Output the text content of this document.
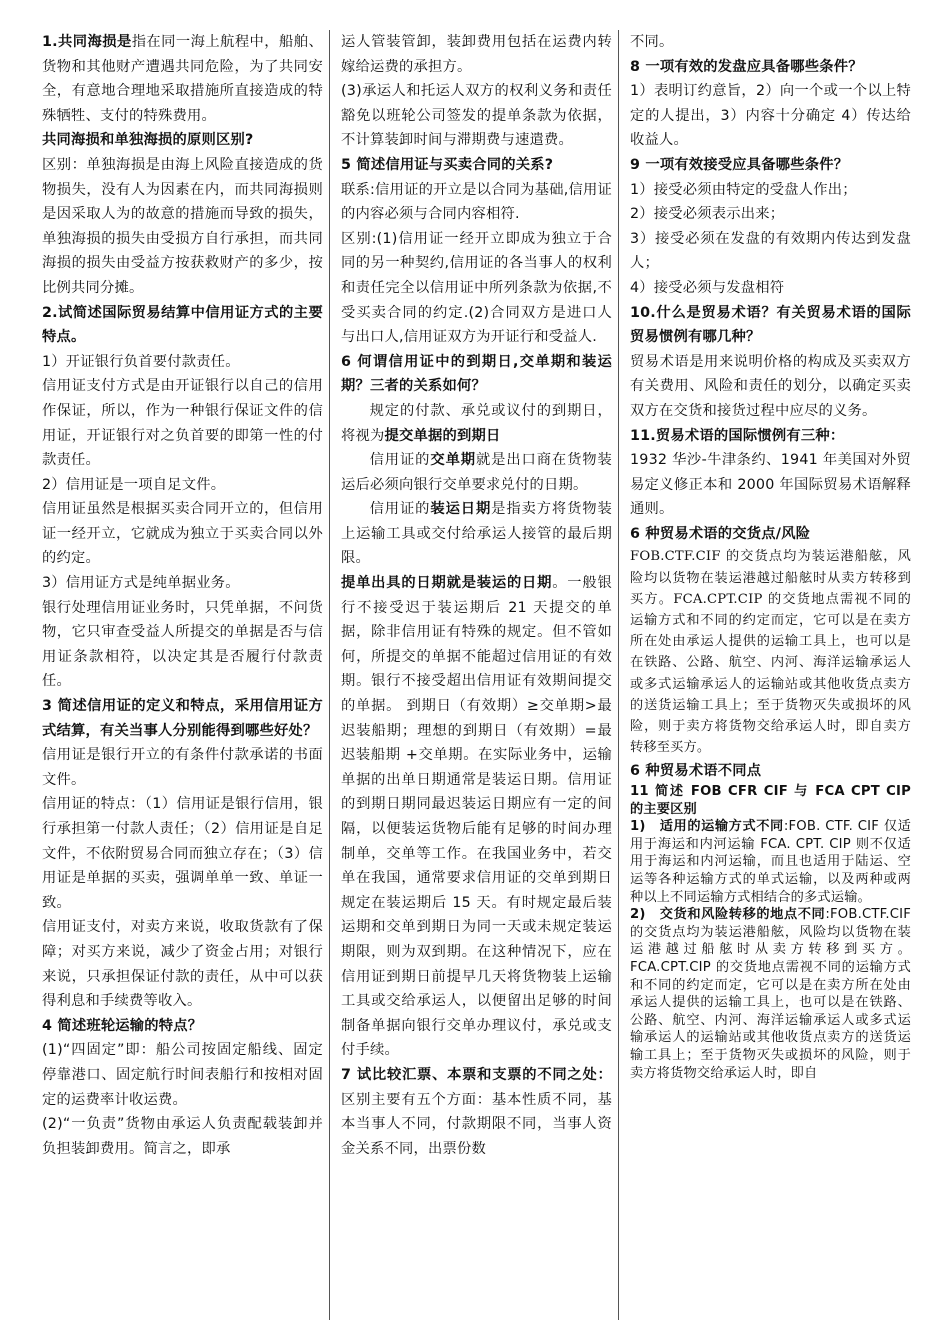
1.共同海损是指在同一海上航程中，船舶、货物和其他财产遭遇共同危险，为了共同安全，有意地合理地采取措施所直接造成的特殊牺牲、支付的特殊费用。

共同海损和单独海损的原则区别?

区别：单独海损是由海上风险直接造成的货物损失，没有人为因素在内，而共同海损则是因采取人为的故意的措施而导致的损失，单独海损的损失由受损方自行承担，而共同海损的损失由受益方按获救财产的多少，按比例共同分摊。

2.试简述国际贸易结算中信用证方式的主要特点。

1）开证银行负首要付款责任。

信用证支付方式是由开证银行以自己的信用作保证，所以，作为一种银行保证文件的信用证，开证银行对之负首要的即第一性的付款责任。

2）信用证是一项自足文件。

信用证虽然是根据买卖合同开立的，但信用证一经开立，它就成为独立于买卖合同以外的约定。

3）信用证方式是纯单据业务。

银行处理信用证业务时，只凭单据，不问货物，它只审查受益人所提交的单据是否与信用证条款相符，以决定其是否履行付款责任。

3 简述信用证的定义和特点，采用信用证方式结算，有关当事人分别能得到哪些好处？

信用证是银行开立的有条件付款承诺的书面文件。

信用证的特点：（1）信用证是银行信用，银行承担第一付款人责任；（2）信用证是自足文件，不依附贸易合同而独立存在；（3）信用证是单据的买卖，强调单单一致、单证一致。

信用证支付，对卖方来说，收取货款有了保障；对买方来说，减少了资金占用；对银行来说，只承担保证付款的责任，从中可以获得利息和手续费等收入。

4 简述班轮运输的特点？

(1)“四固定”即：船公司按固定船线、固定停靠港口、固定航行时间表船行和按相对固定的运费率计收运费。

(2)“一负责”货物由承运人负责配载装卸并负担装卸费用。简言之，即承

运人管装管卸，装卸费用包括在运费内转嫁给运费的承担方。

(3)承运人和托运人双方的权利义务和责任豁免以班轮公司签发的提单条款为依据，不计算装卸时间与滞期费与速遣费。

5 简述信用证与买卖合同的关系?

联系:信用证的开立是以合同为基础,信用证的内容必须与合同内容相符.

区别:(1)信用证一经开立即成为独立于合同的另一种契约,信用证的各当事人的权利和责任完全以信用证中所列条款为依据,不受买卖合同的约定.(2)合同双方是进口人与出口人,信用证双方为开证行和受益人.

6 何谓信用证中的到期日,交单期和装运期？三者的关系如何？

规定的付款、承兑或议付的到期日，将视为提交单据的到期日

信用证的交单期就是出口商在货物装运后必须向银行交单要求兑付的日期。

信用证的装运日期是指卖方将货物装上运输工具或交付给承运人接管的最后期限。

提单出具的日期就是装运的日期。一般银行不接受迟于装运期后 21 天提交的单据，除非信用证有特殊的规定。但不管如何，所提交的单据不能超过信用证的有效期。银行不接受超出信用证有效期间提交的单据。 到期日（有效期）≥交单期>最迟装船期；理想的到期日（有效期）=最迟装船期 +交单期。在实际业务中，运输单据的出单日期通常是装运日期。信用证的到期日期同最迟装运日期应有一定的间隔，以便装运货物后能有足够的时间办理制单，交单等工作。在我国业务中，若交单在我国，通常要求信用证的交单到期日规定在装运期后 15 天。有时规定最后装运期和交单到期日为同一天或未规定装运期限，则为双到期。在这种情况下，应在信用证到期日前提早几天将货物装上运输工具或交给承运人，以便留出足够的时间制备单据向银行交单办理议付，承兑或支付手续。

7 试比较汇票、本票和支票的不同之处：区别主要有五个方面：基本性质不同，基本当事人不同，付款期限不同，当事人资金关系不同，出票份数

不同。

8 一项有效的发盘应具备哪些条件？

1）表明订约意旨，2）向一个或一个以上特定的人提出，3）内容十分确定 4）传达给收益人。

9 一项有效接受应具备哪些条件？

1）接受必须由特定的受盘人作出；

2）接受必须表示出来；

3）接受必须在发盘的有效期内传达到发盘人；

4）接受必须与发盘相符

10.什么是贸易术语？有关贸易术语的国际贸易惯例有哪几种？

贸易术语是用来说明价格的构成及买卖双方有关费用、风险和责任的划分，以确定买卖双方在交货和接货过程中应尽的义务。

11.贸易术语的国际惯例有三种：

1932 华沙-牛津条约、1941 年美国对外贸易定义修正本和 2000 年国际贸易术语解释通则。

6 种贸易术语的交货点/风险

FOB.CTF.CIF 的交货点均为装运港船舷，风险均以货物在装运港越过船舷时从卖方转移到买方。FCA.CPT.CIP 的交货地点需视不同的运输方式和不同的约定而定，它可以是在卖方所在处由承运人提供的运输工具上，也可以是在铁路、公路、航空、内河、海洋运输承运人或多式运输承运人的运输站或其他收货点卖方的送货运输工具上；至于货物灭失或损坏的风险，则于卖方将货物交给承运人时，即自卖方转移至买方。

6 种贸易术语不同点

11 简述 FOB CFR CIF 与 FCA CPT CIP 的主要区别

1)　适用的运输方式不同:FOB. CTF. CIF 仅适用于海运和内河运输 FCA. CPT. CIP 则不仅适用于海运和内河运输，而且也适用于陆运、空运等各种运输方式的单式运输，以及两种或两种以上不同运输方式相结合的多式运输。

2)　交货和风险转移的地点不同:FOB.CTF.CIF 的交货点均为装运港船舷，风险均以货物在装运港越过船舷时从卖方转移到买方。FCA.CPT.CIP 的交货地点需视不同的运输方式和不同的约定而定，它可以是在卖方所在处由承运人提供的运输工具上，也可以是在铁路、公路、航空、内河、海洋运输承运人或多式运输承运人的运输站或其他收货点卖方的送货运输工具上；至于货物灭失或损坏的风险，则于卖方将货物交给承运人时，即自
